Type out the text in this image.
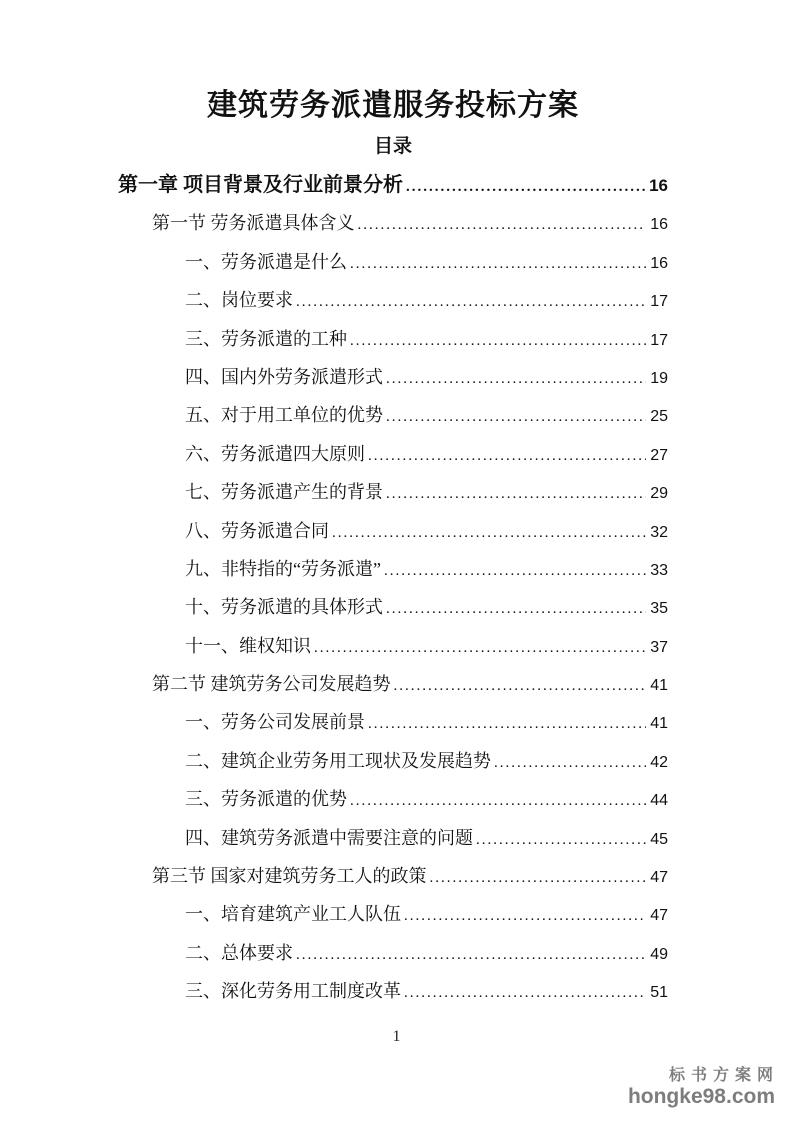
建筑劳务派遣服务投标方案
目录
第一章 项目背景及行业前景分析 .....	16
第一节 劳务派遣具体含义 .....	16
一、劳务派遣是什么 .....	16
二、岗位要求 .....	17
三、劳务派遣的工种 .....	17
四、国内外劳务派遣形式 .....	19
五、对于用工单位的优势 .....	25
六、劳务派遣四大原则 .....	27
七、劳务派遣产生的背景 .....	29
八、劳务派遣合同 .....	32
九、非特指的“劳务派遣” .....	33
十、劳务派遣的具体形式 .....	35
十一、维权知识 .....	37
第二节 建筑劳务公司发展趋势 .....	41
一、劳务公司发展前景 .....	41
二、建筑企业劳务用工现状及发展趋势 .....	42
三、劳务派遣的优势 .....	44
四、建筑劳务派遣中需要注意的问题 .....	45
第三节 国家对建筑劳务工人的政策 .....	47
一、培育建筑产业工人队伍 .....	47
二、总体要求 .....	49
三、深化劳务用工制度改革 .....	51
1
标书方案网
hongke98.com
